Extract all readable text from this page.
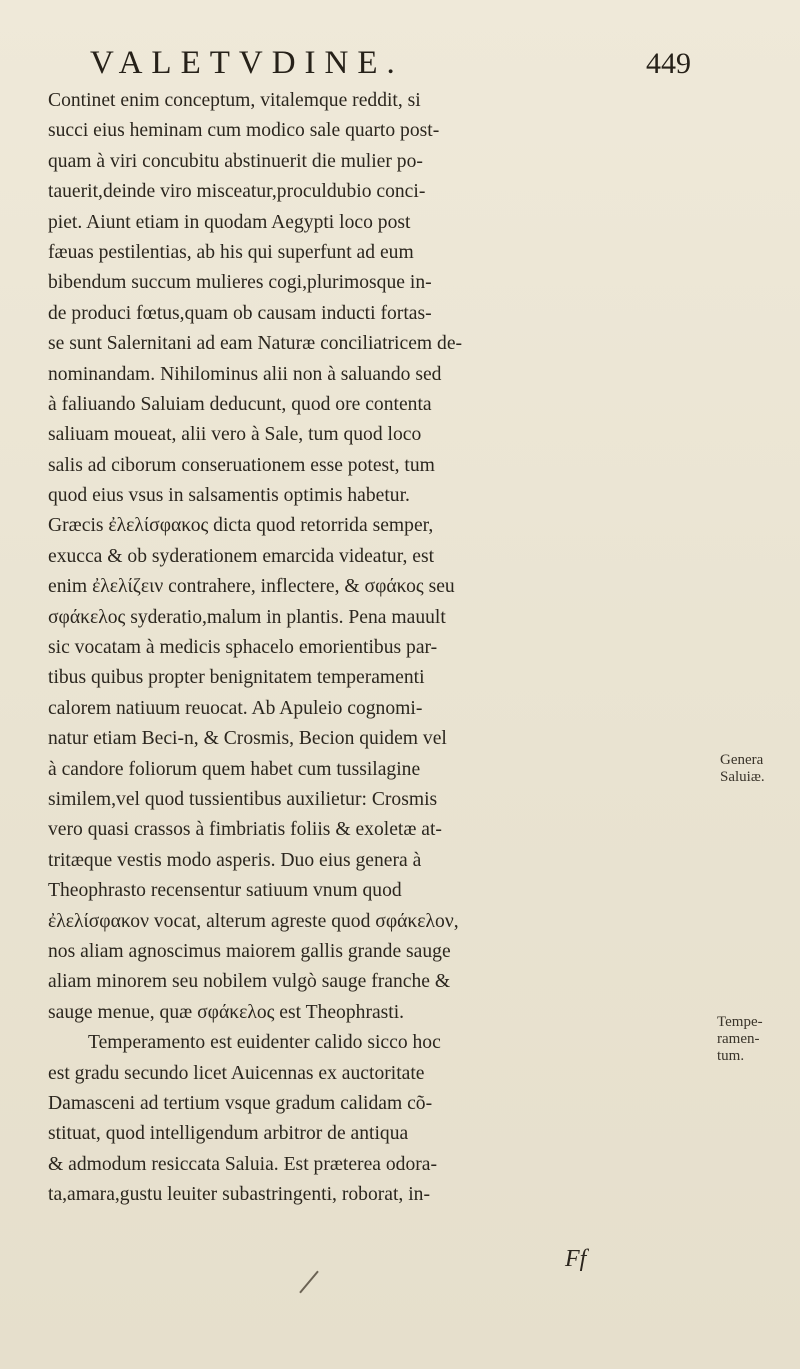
VALETVDINE.	449
Continet enim conceptum, vitalemque reddit, si
succi eius heminam cum modico sale quarto post-
quam à viri concubitu abstinuerit die mulier po-
tauerit,deinde viro misceatur,proculdubio conci-
piet. Aiunt etiam in quodam Aegypti loco post
fæuas pestilentias, ab his qui superfunt ad eum
bibendum succum mulieres cogi,plurimosque in-
de produci fœtus,quam ob causam inducti fortas-
se sunt Salernitani ad eam Naturæ conciliatricem de-
nominandam. Nihilominus alii non à saluando sed
à faliuando Saluiam deducunt, quod ore contenta
saliuam moueat, alii vero à Sale, tum quod loco
salis ad ciborum conseruationem esse potest, tum
quod eius vsus in salsamentis optimis habetur.
Græcis ἐλελίσφακος dicta quod retorrida semper,
exucca & ob syderationem emarcida videatur, est
enim ἐλελίζειν contrahere, inflectere, & σφάκος seu
σφάκελος syderatio,malum in plantis. Pena mauult
sic vocatam à medicis sphacelo emorientibus par-
tibus quibus propter benignitatem temperamenti
calorem natiuum reuocat. Ab Apuleio cognomi-
natur etiam Beci-n, & Crosmis, Becion quidem vel
à candore foliorum quem habet cum tussilagine
similem,vel quod tussientibus auxilietur: Crosmis
vero quasi crassos à fimbriatis foliis & exoletæ at-
tritæque vestis modo asperis. Duo eius genera à
Theophrasto recensentur satiuum vnum quod
ἐλελίσφακον vocat, alterum agreste quod σφάκελον,
nos aliam agnoscimus maiorem gallis grande sauge
aliam minorem seu nobilem vulgò sauge franche &
sauge menue, quæ σφάκελος est Theophrasti.
Temperamento est euidenter calido sicco hoc
est gradu secundo licet Auicennas ex auctoritate
Damasceni ad tertium vsque gradum calidam cõ-
stituat, quod intelligendum arbitror de antiqua
& admodum resiccata Saluia. Est præterea odora-
ta,amara,gustu leuiter subastringenti, roborat, in-
Genera
Saluiæ.
Tempe-
ramen-
tum.
Ff
